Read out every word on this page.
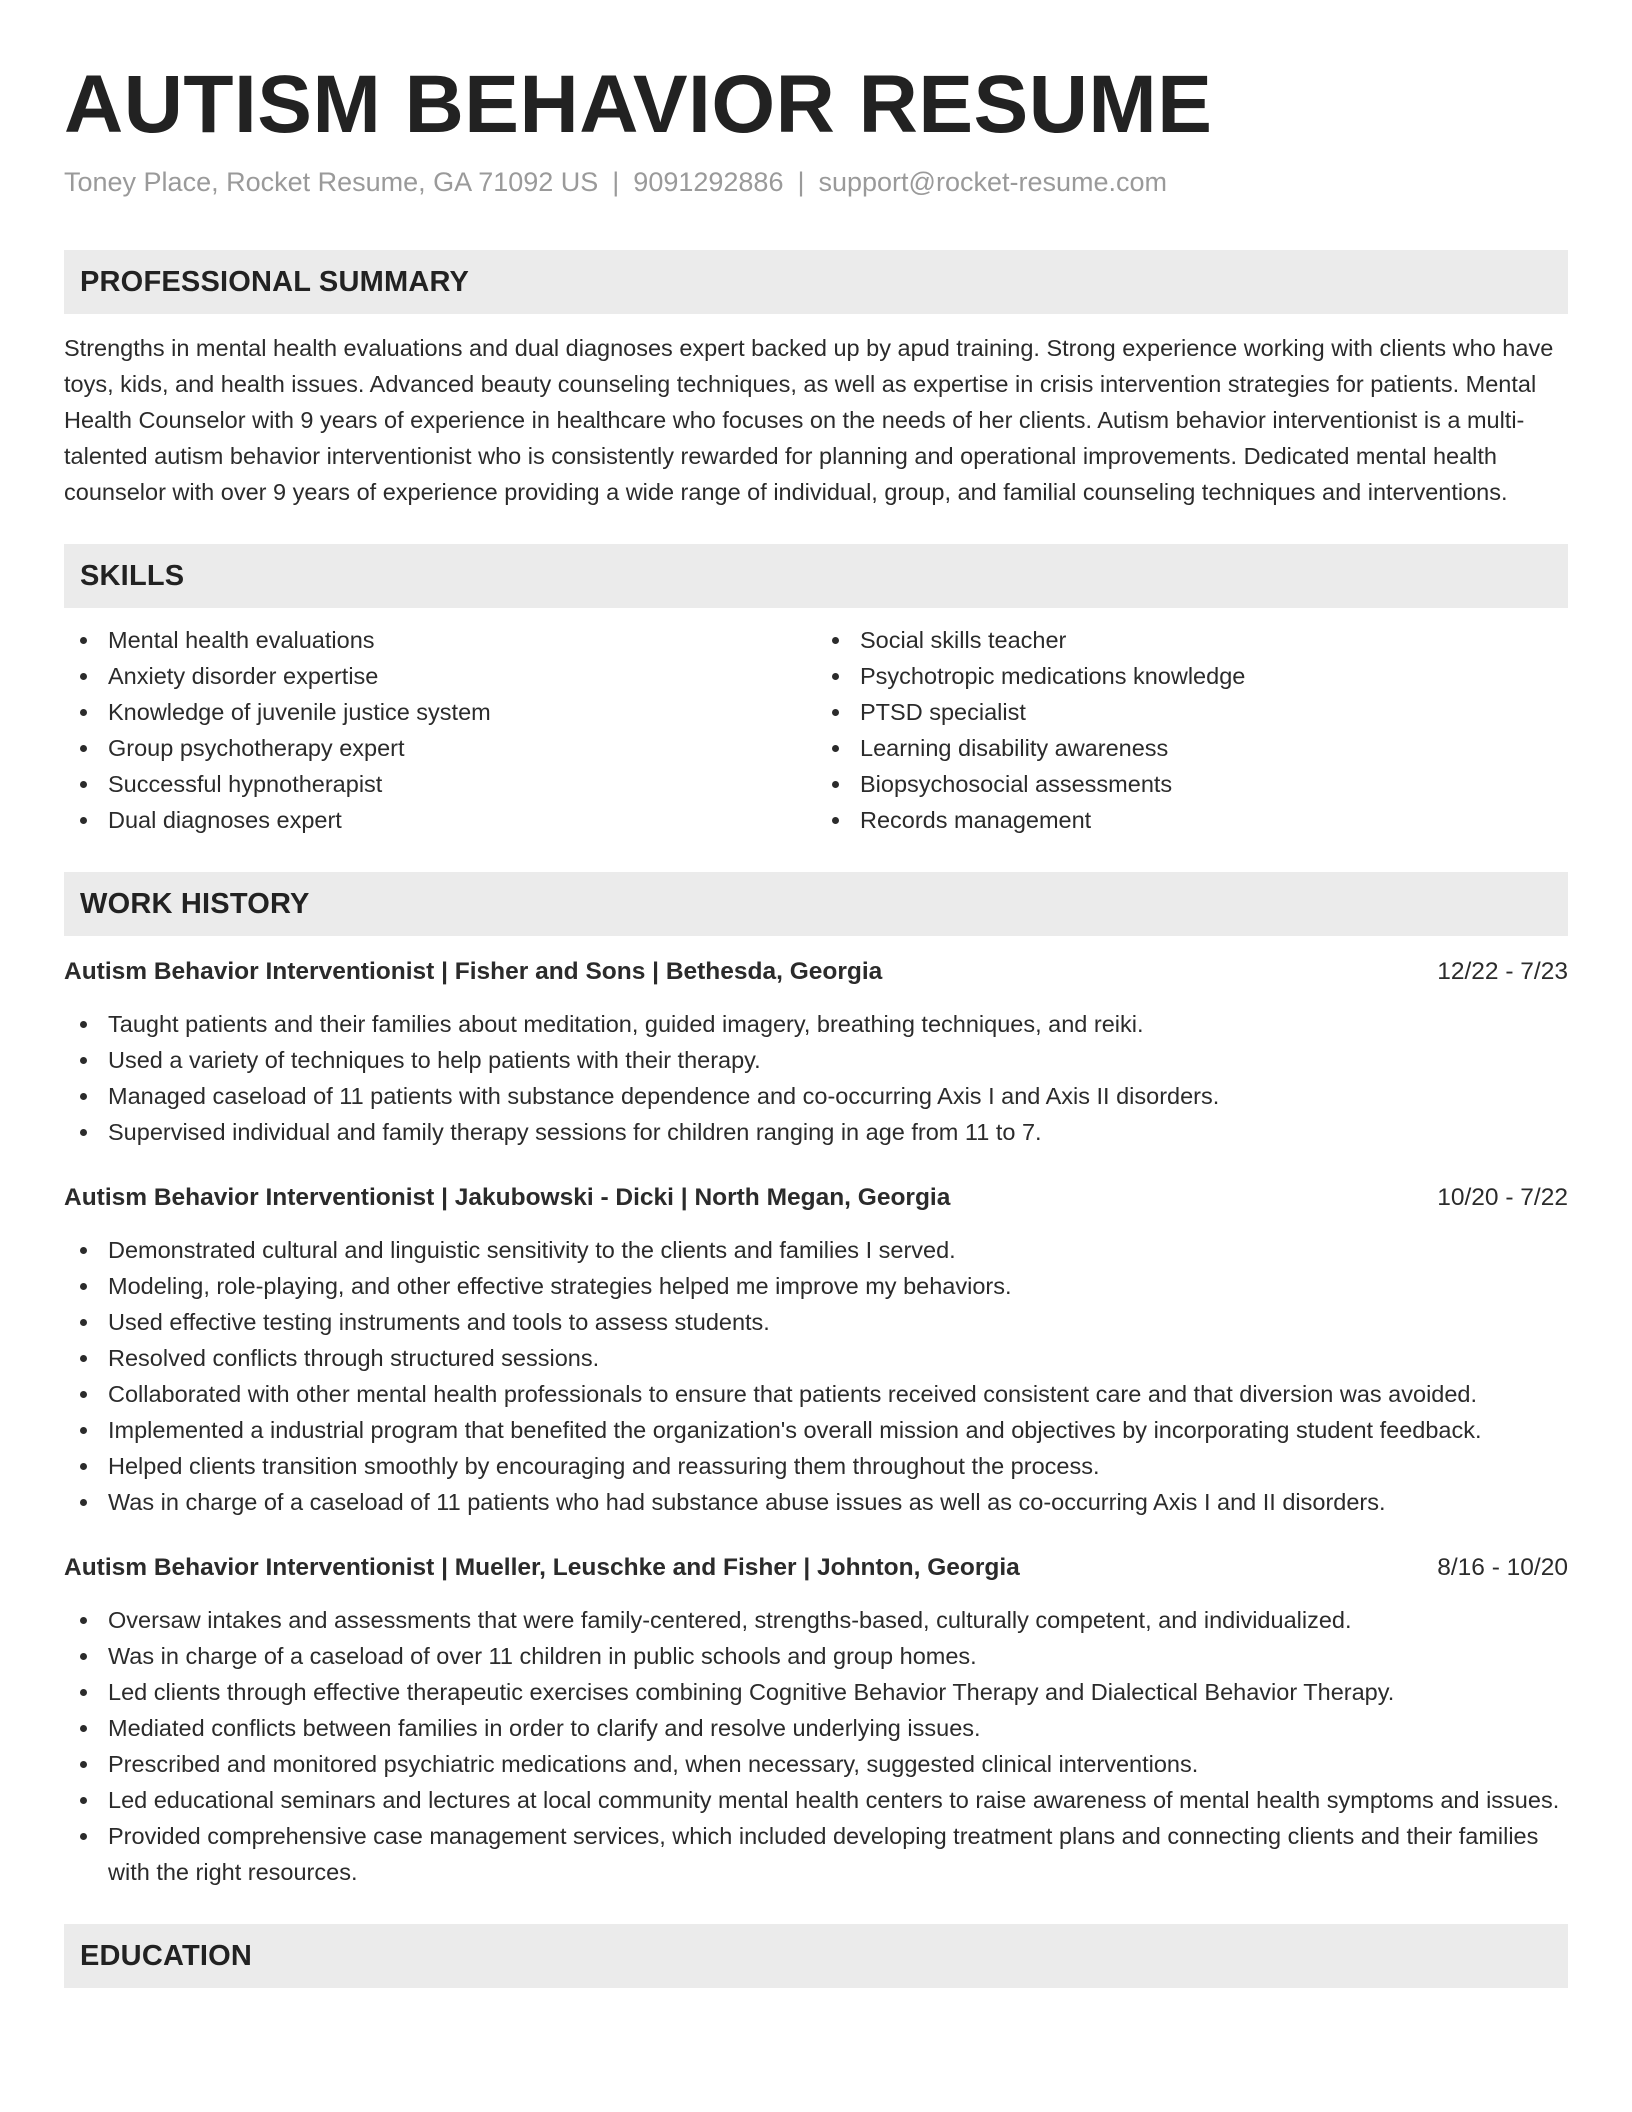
AUTISM BEHAVIOR RESUME
Toney Place, Rocket Resume, GA 71092 US | 9091292886 | support@rocket-resume.com
PROFESSIONAL SUMMARY

Strengths in mental health evaluations and dual diagnoses expert backed up by apud training. Strong experience working with clients who have toys, kids, and health issues. Advanced beauty counseling techniques, as well as expertise in crisis intervention strategies for patients. Mental Health Counselor with 9 years of experience in healthcare who focuses on the needs of her clients. Autism behavior interventionist is a multi-talented autism behavior interventionist who is consistently rewarded for planning and operational improvements. Dedicated mental health counselor with over 9 years of experience providing a wide range of individual, group, and familial counseling techniques and interventions.

SKILLS
Mental health evaluations
Anxiety disorder expertise
Knowledge of juvenile justice system
Group psychotherapy expert
Successful hypnotherapist
Dual diagnoses expert
Social skills teacher
Psychotropic medications knowledge
PTSD specialist
Learning disability awareness
Biopsychosocial assessments
Records management
WORK HISTORY
Autism Behavior Interventionist | Fisher and Sons | Bethesda, Georgia	12/22 - 7/23
Taught patients and their families about meditation, guided imagery, breathing techniques, and reiki.
Used a variety of techniques to help patients with their therapy.
Managed caseload of 11 patients with substance dependence and co-occurring Axis I and Axis II disorders.
Supervised individual and family therapy sessions for children ranging in age from 11 to 7.
Autism Behavior Interventionist | Jakubowski - Dicki | North Megan, Georgia	10/20 - 7/22
Demonstrated cultural and linguistic sensitivity to the clients and families I served.
Modeling, role-playing, and other effective strategies helped me improve my behaviors.
Used effective testing instruments and tools to assess students.
Resolved conflicts through structured sessions.
Collaborated with other mental health professionals to ensure that patients received consistent care and that diversion was avoided.
Implemented a industrial program that benefited the organization's overall mission and objectives by incorporating student feedback.
Helped clients transition smoothly by encouraging and reassuring them throughout the process.
Was in charge of a caseload of 11 patients who had substance abuse issues as well as co-occurring Axis I and II disorders.
Autism Behavior Interventionist | Mueller, Leuschke and Fisher | Johnton, Georgia	8/16 - 10/20
Oversaw intakes and assessments that were family-centered, strengths-based, culturally competent, and individualized.
Was in charge of a caseload of over 11 children in public schools and group homes.
Led clients through effective therapeutic exercises combining Cognitive Behavior Therapy and Dialectical Behavior Therapy.
Mediated conflicts between families in order to clarify and resolve underlying issues.
Prescribed and monitored psychiatric medications and, when necessary, suggested clinical interventions.
Led educational seminars and lectures at local community mental health centers to raise awareness of mental health symptoms and issues.
Provided comprehensive case management services, which included developing treatment plans and connecting clients and their families with the right resources.
EDUCATION
